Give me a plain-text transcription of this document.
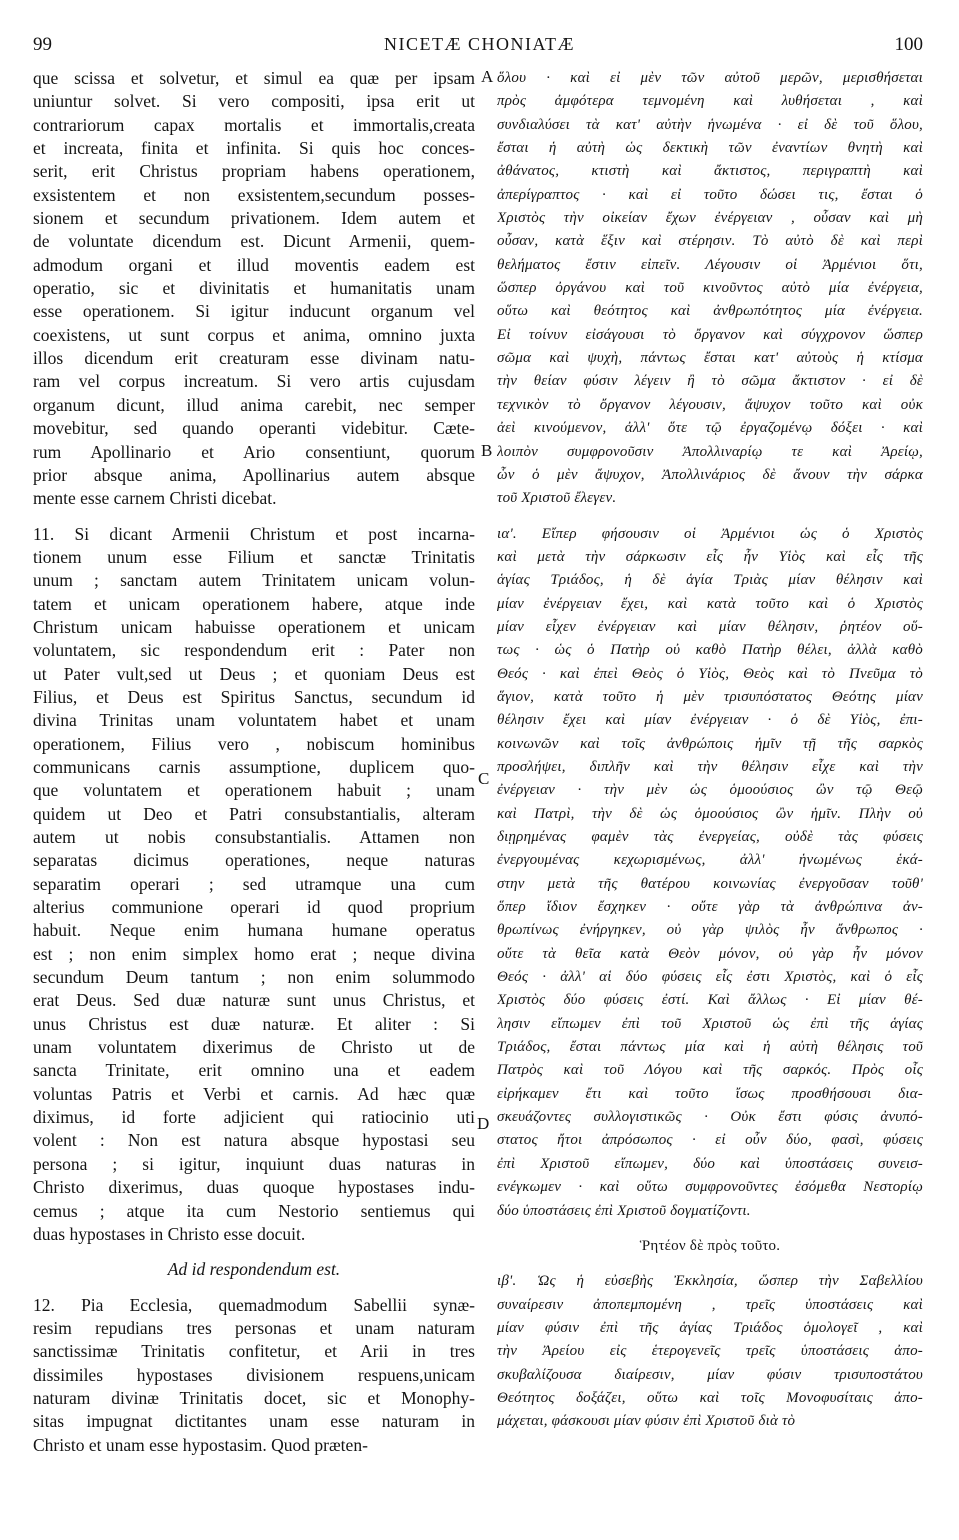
99	NICETÆ CHONIATÆ	100
A
B
C
D
que scissa et solvetur, et simul ea quæ per ipsam
uniuntur solvet. Si vero compositi, ipsa erit ut
contrariorum capax mortalis et immortalis,creata
et increata, finita et infinita. Si quis hoc conces-
serit, erit Christus propriam habens operationem,
exsistentem et non exsistentem,secundum posses-
sionem et secundum privationem. Idem autem et
de voluntate dicendum est. Dicunt Armenii, quem-
admodum organi et illud moventis eadem est
operatio, sic et divinitatis et humanitatis unam
esse operationem. Si igitur inducunt organum vel
coexistens, ut sunt corpus et anima, omnino juxta
illos dicendum erit creaturam esse divinam natu-
ram vel corpus increatum. Si vero artis cujusdam
organum dicunt, illud anima carebit, nec semper
movebitur, sed quando operanti videbitur. Cæte-
rum Apollinario et Ario consentiunt, quorum
prior absque anima, Apollinarius autem absque
mente esse carnem Christi dicebat.
11. Si dicant Armenii Christum et post incarna-
tionem unum esse Filium et sanctæ Trinitatis
unum ; sanctam autem Trinitatem unicam volun-
tatem et unicam operationem habere, atque inde
Christum unicam habuisse operationem et unicam
voluntatem, sic respondendum erit : Pater non
ut Pater vult,sed ut Deus ; et quoniam Deus est
Filius, et Deus est Spiritus Sanctus, secundum id
divina Trinitas unam voluntatem habet et unam
operationem, Filius vero , nobiscum hominibus
communicans carnis assumptione, duplicem quo-
que voluntatem et operationem habuit ; unam
quidem ut Deo et Patri consubstantialis, alteram
autem ut nobis consubstantialis. Attamen non
separatas dicimus operationes, neque naturas
separatim operari ; sed utramque una cum
alterius communione operari id quod proprium
habuit. Neque enim humana humane operatus
est ; non enim simplex homo erat ; neque divina
secundum Deum tantum ; non enim solummodo
erat Deus. Sed duæ naturæ sunt unus Christus, et
unus Christus est duæ naturæ. Et aliter : Si
unam voluntatem dixerimus de Christo ut de
sancta Trinitate, erit omnino una et eadem
voluntas Patris et Verbi et carnis. Ad hæc quæ
diximus, id forte adjicient qui ratiocinio uti
volent : Non est natura absque hypostasi seu
persona ; si igitur, inquiunt duas naturas in
Christo dixerimus, duas quoque hypostases indu-
cemus ; atque ita cum Nestorio sentiemus qui
duas hypostases in Christo esse docuit.
Ad id respondendum est.
12. Pia Ecclesia, quemadmodum Sabellii synæ-
resim repudians tres personas et unam naturam
sanctissimæ Trinitatis confitetur, et Arii in tres
dissimiles hypostases divisionem respuens,unicam
naturam divinæ Trinitatis docet, sic et Monophy-
sitas impugnat dictitantes unam esse naturam in
Christo et unam esse hypostasim. Quod præten-
ὅλου · καὶ εἰ μὲν τῶν αὐτοῦ μερῶν, μερισθήσεται
πρὸς ἀμφότερα τεμνομένη καὶ λυθήσεται , καὶ
συνδιαλύσει τὰ κατ' αὐτὴν ἡνωμένα · εἰ δὲ τοῦ ὅλου,
ἔσται ἡ αὐτὴ ὡς δεκτικὴ τῶν ἐναντίων θνητὴ καὶ
ἀθάνατος, κτιστὴ καὶ ἄκτιστος, περιγραπτὴ καὶ
ἀπερίγραπτος · καὶ εἰ τοῦτο δώσει τις, ἔσται ὁ
Χριστὸς τὴν οἰκείαν ἔχων ἐνέργειαν , οὖσαν καὶ μὴ
οὖσαν, κατὰ ἕξιν καὶ στέρησιν. Τὸ αὐτὸ δὲ καὶ περὶ
θελήματος ἔστιν εἰπεῖν. Λέγουσιν οἱ Ἀρμένιοι ὅτι,
ὥσπερ ὀργάνου καὶ τοῦ κινοῦντος αὐτὸ μία ἐνέργεια,
οὕτω καὶ θεότητος καὶ ἀνθρωπότητος μία ἐνέργεια.
Εἰ τοίνυν εἰσάγουσι τὸ ὄργανον καὶ σύγχρονον ὥσπερ
σῶμα καὶ ψυχὴ, πάντως ἔσται κατ' αὐτοὺς ἡ κτίσμα
τὴν θείαν φύσιν λέγειν ἢ τὸ σῶμα ἄκτιστον · εἰ δὲ
τεχνικὸν τὸ ὄργανον λέγουσιν, ἄψυχον τοῦτο καὶ οὐκ
ἀεὶ κινούμενον, ἀλλ' ὅτε τῷ ἐργαζομένῳ δόξει · καὶ
λοιπὸν συμφρονοῦσιν Ἀπολλιναρίῳ τε καὶ Ἀρείῳ,
ὧν ὁ μὲν ἄψυχον, Ἀπολλινάριος δὲ ἄνουν τὴν σάρκα
τοῦ Χριστοῦ ἔλεγεν.
ια'. Εἴπερ φήσουσιν οἱ Ἀρμένιοι ὡς ὁ Χριστὸς
καὶ μετὰ τὴν σάρκωσιν εἷς ἦν Υἱὸς καὶ εἷς τῆς
ἁγίας Τριάδος, ἡ δὲ ἁγία Τριὰς μίαν θέλησιν καὶ
μίαν ἐνέργειαν ἔχει, καὶ κατὰ τοῦτο καὶ ὁ Χριστὸς
μίαν εἶχεν ἐνέργειαν καὶ μίαν θέλησιν, ῥητέον οὕ-
τως · ὡς ὁ Πατὴρ οὐ καθὸ Πατὴρ θέλει, ἀλλὰ καθὸ
Θεός · καὶ ἐπεὶ Θεὸς ὁ Υἱὸς, Θεὸς καὶ τὸ Πνεῦμα τὸ
ἅγιον, κατὰ τοῦτο ἡ μὲν τρισυπόστατος Θεότης μίαν
θέλησιν ἔχει καὶ μίαν ἐνέργειαν · ὁ δὲ Υἱὸς, ἐπι-
κοινωνῶν καὶ τοῖς ἀνθρώποις ἡμῖν τῇ τῆς σαρκὸς
προσλήψει, διπλῆν καὶ τὴν θέλησιν εἶχε καὶ τὴν
ἐνέργειαν · τὴν μὲν ὡς ὁμοούσιος ὢν τῷ Θεῷ
καὶ Πατρὶ, τὴν δὲ ὡς ὁμοούσιος ὢν ἡμῖν. Πλὴν οὐ
διῃρημένας φαμὲν τὰς ἐνεργείας, οὐδὲ τὰς φύσεις
ἐνεργουμένας κεχωρισμένως, ἀλλ' ἡνωμένως ἑκά-
στην μετὰ τῆς θατέρου κοινωνίας ἐνεργοῦσαν τοῦθ'
ὅπερ ἴδιον ἔσχηκεν · οὔτε γὰρ τὰ ἀνθρώπινα ἀν-
θρωπίνως ἐνήργηκεν, οὐ γὰρ ψιλὸς ἦν ἄνθρωπος ·
οὔτε τὰ θεῖα κατὰ Θεὸν μόνον, οὐ γὰρ ἦν μόνον
Θεός · ἀλλ' αἱ δύο φύσεις εἷς ἐστι Χριστὸς, καὶ ὁ εἷς
Χριστὸς δύο φύσεις ἐστί. Καὶ ἄλλως · Εἰ μίαν θέ-
λησιν εἴπωμεν ἐπὶ τοῦ Χριστοῦ ὡς ἐπὶ τῆς ἁγίας
Τριάδος, ἔσται πάντως μία καὶ ἡ αὐτὴ θέλησις τοῦ
Πατρὸς καὶ τοῦ Λόγου καὶ τῆς σαρκός. Πρὸς οἷς
εἰρήκαμεν ἔτι καὶ τοῦτο ἴσως προσθήσουσι δια-
σκευάζοντες συλλογιστικῶς · Οὐκ ἔστι φύσις ἀνυπό-
στατος ἤτοι ἀπρόσωπος · εἰ οὖν δύο, φασὶ, φύσεις
ἐπὶ Χριστοῦ εἴπωμεν, δύο καὶ ὑποστάσεις συνεισ-
ενέγκωμεν · καὶ οὕτω συμφρονοῦντες ἐσόμεθα Νεστορίῳ
δύο ὑποστάσεις ἐπὶ Χριστοῦ δογματίζοντι.
Ῥητέον δὲ πρὸς τοῦτο.
ιβ'. Ὡς ἡ εὐσεβὴς Ἐκκλησία, ὥσπερ τὴν Σαβελλίου
συναίρεσιν ἀποπεμπομένη , τρεῖς ὑποστάσεις καὶ
μίαν φύσιν ἐπὶ τῆς ἁγίας Τριάδος ὁμολογεῖ , καὶ
τὴν Ἀρείου εἰς ἑτερογενεῖς τρεῖς ὑποστάσεις ἀπο-
σκυβαλίζουσα διαίρεσιν, μίαν φύσιν τρισυποστάτου
Θεότητος δοξάζει, οὕτω καὶ τοῖς Μονοφυσίταις ἀπο-
μάχεται, φάσκουσι μίαν φύσιν ἐπὶ Χριστοῦ διὰ τὸ
